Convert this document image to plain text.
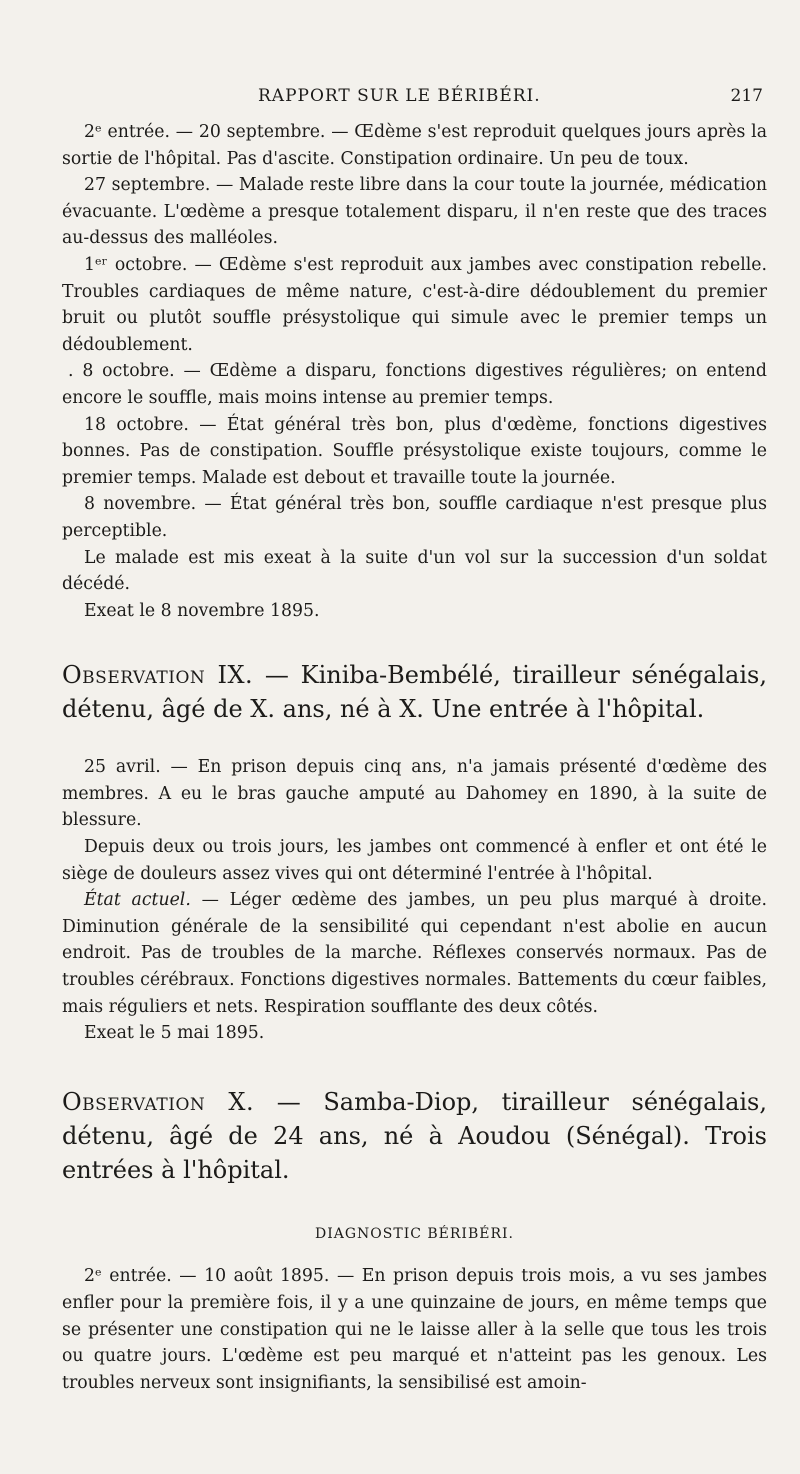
RAPPORT SUR LE BÉRIBÉRI.	217

2ᵉ entrée. — 20 septembre. — Œdème s'est reproduit quelques jours après la sortie de l'hôpital. Pas d'ascite. Constipation ordinaire. Un peu de toux.

27 septembre. — Malade reste libre dans la cour toute la journée, médication évacuante. L'œdème a presque totalement disparu, il n'en reste que des traces au-dessus des malléoles.

1ᵉʳ octobre. — Œdème s'est reproduit aux jambes avec constipation rebelle. Troubles cardiaques de même nature, c'est-à-dire dédoublement du premier bruit ou plutôt souffle présystolique qui simule avec le premier temps un dédoublement.

. 8 octobre. — Œdème a disparu, fonctions digestives régulières; on entend encore le souffle, mais moins intense au premier temps.

18 octobre. — État général très bon, plus d'œdème, fonctions digestives bonnes. Pas de constipation. Souffle présystolique existe toujours, comme le premier temps. Malade est debout et travaille toute la journée.

8 novembre. — État général très bon, souffle cardiaque n'est presque plus perceptible.

Le malade est mis exeat à la suite d'un vol sur la succession d'un soldat décédé.

Exeat le 8 novembre 1895.

Observation IX. — Kiniba-Bembélé, tirailleur sénégalais, détenu, âgé de X. ans, né à X. Une entrée à l'hôpital.

25 avril. — En prison depuis cinq ans, n'a jamais présenté d'œdème des membres. A eu le bras gauche amputé au Dahomey en 1890, à la suite de blessure.

Depuis deux ou trois jours, les jambes ont commencé à enfler et ont été le siège de douleurs assez vives qui ont déterminé l'entrée à l'hôpital.

État actuel. — Léger œdème des jambes, un peu plus marqué à droite. Diminution générale de la sensibilité qui cependant n'est abolie en aucun endroit. Pas de troubles de la marche. Réflexes conservés normaux. Pas de troubles cérébraux. Fonctions digestives normales. Battements du cœur faibles, mais réguliers et nets. Respiration soufflante des deux côtés.

Exeat le 5 mai 1895.

Observation X. — Samba-Diop, tirailleur sénégalais, détenu, âgé de 24 ans, né à Aoudou (Sénégal). Trois entrées à l'hôpital.

DIAGNOSTIC BÉRIBÉRI.

2ᵉ entrée. — 10 août 1895. — En prison depuis trois mois, a vu ses jambes enfler pour la première fois, il y a une quinzaine de jours, en même temps que se présenter une constipation qui ne le laisse aller à la selle que tous les trois ou quatre jours. L'œdème est peu marqué et n'atteint pas les genoux. Les troubles nerveux sont insignifiants, la sensibilisé est amoin-
